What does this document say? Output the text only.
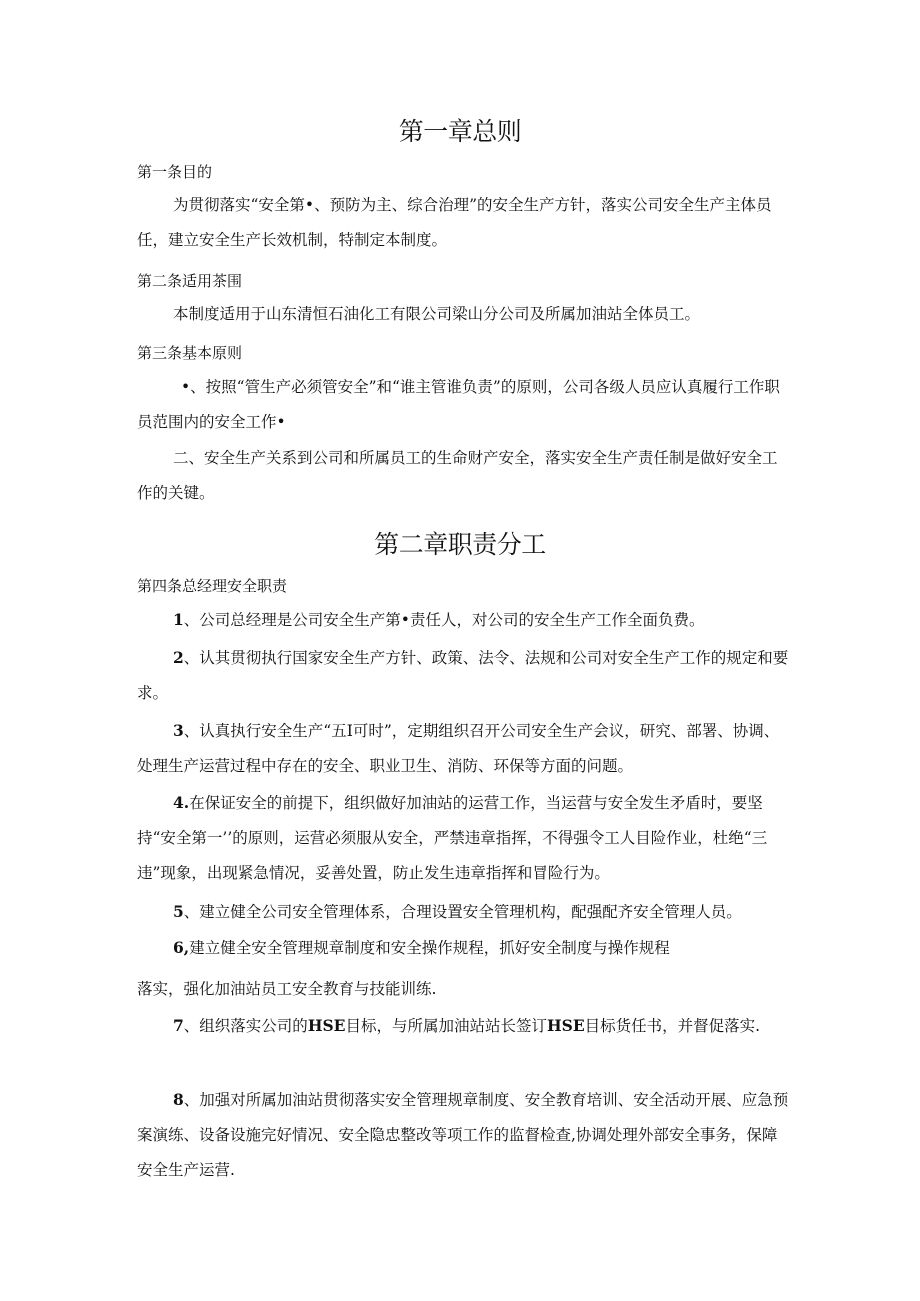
第一章总则

第一条目的

为贯彻落实“安全第•、预防为主、综合治理”的安全生产方针，落实公司安全生产主体员任，建立安全生产长效机制，特制定本制度。

第二条适用茶围

本制度适用于山东清恒石油化工有限公司梁山分公司及所属加油站全体员工。

第三条基本原则

•、按照“管生产必须管安全”和“谁主管谁负责”的原则，公司各级人员应认真履行工作职员范围内的安全工作•

二、安全生产关系到公司和所属员工的生命财产安全，落实安全生产责任制是做好安全工作的关键。

第二章职责分工

第四条总经理安全职责

1、公司总经理是公司安全生产第•责任人，对公司的安全生产工作全面负费。

2、认其贯彻执行国家安全生产方针、政策、法令、法规和公司对安全生产工作的规定和要求。

3、认真执行安全生产“五I可时”，定期组织召开公司安全生产会议，研究、部署、协调、处理生产运营过程中存在的安全、职业卫生、消防、环保等方面的问题。

4.在保证安全的前提下，组织做好加油站的运营工作，当运营与安全发生矛盾时，要坚持“安全第一’’的原则，运营必须服从安全，严禁违章指挥，不得强令工人目险作业，杜绝“三违”现象，出现紧急情况，妥善处置，防止发生违章指挥和冒险行为。

5、建立健全公司安全管理体系，合理设置安全管理机构，配强配齐安全管理人员。

6,建立健全安全管理规章制度和安全操作规程，抓好安全制度与操作规程

落实，强化加油站员工安全教育与技能训练.

7、组织落实公司的HSE目标，与所属加油站站长签订HSE目标货任书，并督促落实.

8、加强对所属加油站贯彻落实安全管理规章制度、安全教育培训、安全活动开展、应急预案演练、设备设施完好情况、安全隐忠整改等项工作的监督检查,协调处理外部安全事务，保障安全生产运营.
